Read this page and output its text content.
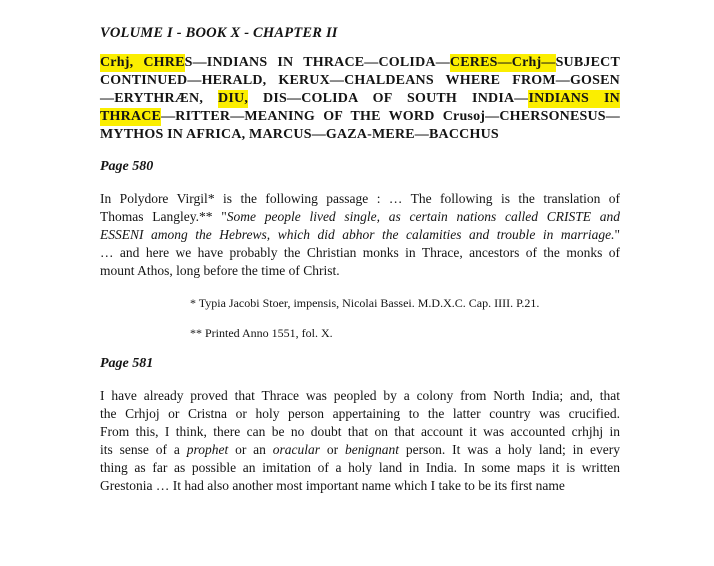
VOLUME I - BOOK X - CHAPTER II
Crhj, CHRES—INDIANS IN THRACE—COLIDA—CERES—Crhj—SUBJECT
CONTINUED—HERALD, KERUX—CHALDEANS WHERE FROM—GOSEN
—ERYTHRÆN, DIU, DIS—COLIDA OF SOUTH INDIA—INDIANS IN
THRACE—RITTER—MEANING OF THE WORD Crusoj—CHERSONESUS—
MYTHOS IN AFRICA, MARCUS—GAZA-MERE—BACCHUS
Page 580
In Polydore Virgil* is the following passage : … The following is the translation of
Thomas Langley.** "Some people lived single, as certain nations called CRISTE and
ESSENI among the Hebrews, which did abhor the calamities and trouble in marriage."
… and here we have probably the Christian monks in Thrace, ancestors of the monks of
mount Athos, long before the time of Christ.
* Typia Jacobi Stoer, impensis, Nicolai Bassei. M.D.X.C. Cap. IIII. P.21.
** Printed Anno 1551, fol. X.
Page 581
I have already proved that Thrace was peopled by a colony from North India; and, that
the Crhjoj or Cristna or holy person appertaining to the latter country was crucified.
From this, I think, there can be no doubt that on that account it was accounted crhjhj in
its sense of a prophet or an oracular or benignant person. It was a holy land; in every
thing as far as possible an imitation of a holy land in India. In some maps it is written
Grestonia … It had also another most important name which I take to be its first name
